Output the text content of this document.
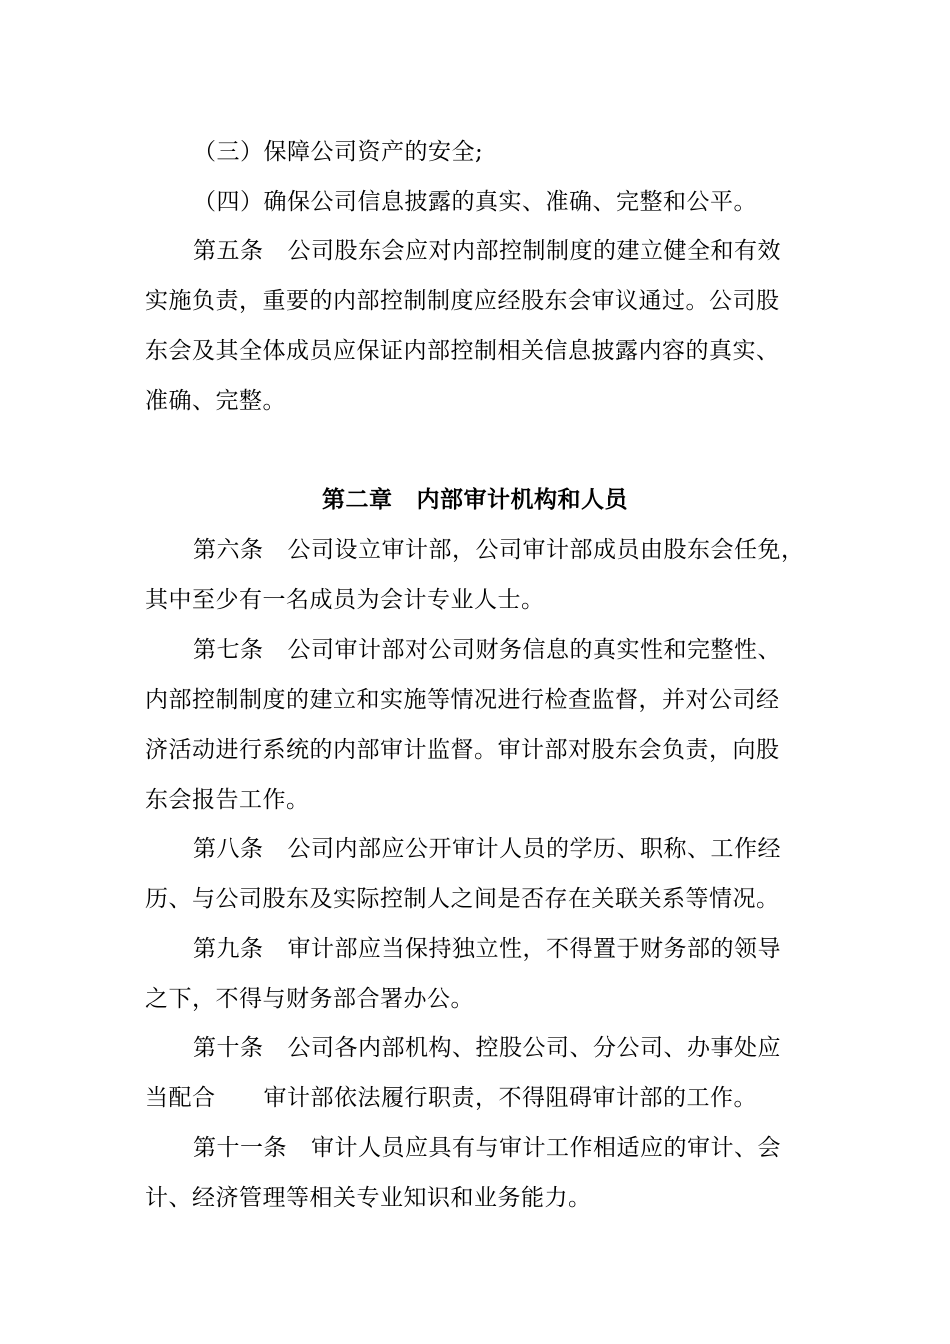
（三）保障公司资产的安全;
（四）确保公司信息披露的真实、准确、完整和公平。
第五条 公司股东会应对内部控制制度的建立健全和有效
实施负责，重要的内部控制制度应经股东会审议通过。公司股
东会及其全体成员应保证内部控制相关信息披露内容的真实、
准确、完整。
第二章 内部审计机构和人员
第六条 公司设立审计部，公司审计部成员由股东会任免，
其中至少有一名成员为会计专业人士。
第七条 公司审计部对公司财务信息的真实性和完整性、
内部控制制度的建立和实施等情况进行检查监督，并对公司经
济活动进行系统的内部审计监督。审计部对股东会负责，向股
东会报告工作。
第八条 公司内部应公开审计人员的学历、职称、工作经
历、与公司股东及实际控制人之间是否存在关联关系等情况。
第九条 审计部应当保持独立性，不得置于财务部的领导
之下，不得与财务部合署办公。
第十条 公司各内部机构、控股公司、分公司、办事处应
当配合 审计部依法履行职责，不得阻碍审计部的工作。
第十一条 审计人员应具有与审计工作相适应的审计、会
计、经济管理等相关专业知识和业务能力。
